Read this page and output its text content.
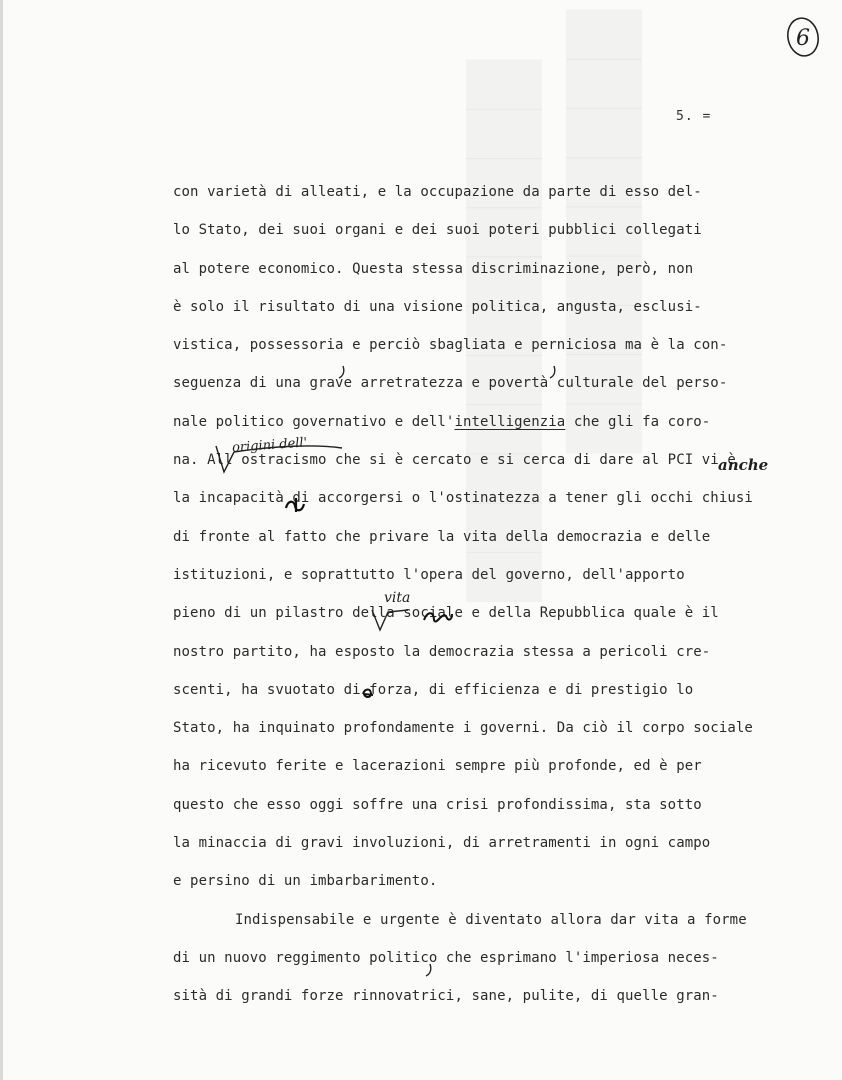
6
5. =
con varietà di alleati, e la occupazione da parte di esso del-
lo Stato, dei suoi organi e dei suoi poteri pubblici collegati
al potere economico. Questa stessa discriminazione, però, non
è solo il risultato di una visione politica, angusta, esclusi-
vistica, possessoria e perciò sbagliata e perniciosa ma è la con-
seguenza di una grave arretratezza e povertà culturale del perso-
nale politico governativo e dell'intelligenzia che gli fa coro-
na. All ostracismo che si è cercato e si cerca di dare al PCI vi è
la incapacità di accorgersi o l'ostinatezza a tener gli occhi chiusi
di fronte al fatto che privare la vita della democrazia e delle
istituzioni, e soprattutto l'opera del governo, dell'apporto
pieno di un pilastro della sociale e della Repubblica quale è il
nostro partito, ha esposto la democrazia stessa a pericoli cre-
scenti, ha svuotato di forza, di efficienza e di prestigio lo
Stato, ha inquinato profondamente i governi. Da ciò il corpo sociale
ha ricevuto ferite e lacerazioni sempre più profonde, ed è per
questo che esso oggi soffre una crisi profondissima, sta sotto
la minaccia di gravi involuzioni, di arretramenti in ogni campo
e persino di un imbarbarimento.
Indispensabile e urgente è diventato allora dar vita a forme
di un nuovo reggimento politico che esprimano l'imperiosa neces-
sità di grandi forze rinnovatrici, sane, pulite, di quelle gran-
origini dell'
anche
vita
